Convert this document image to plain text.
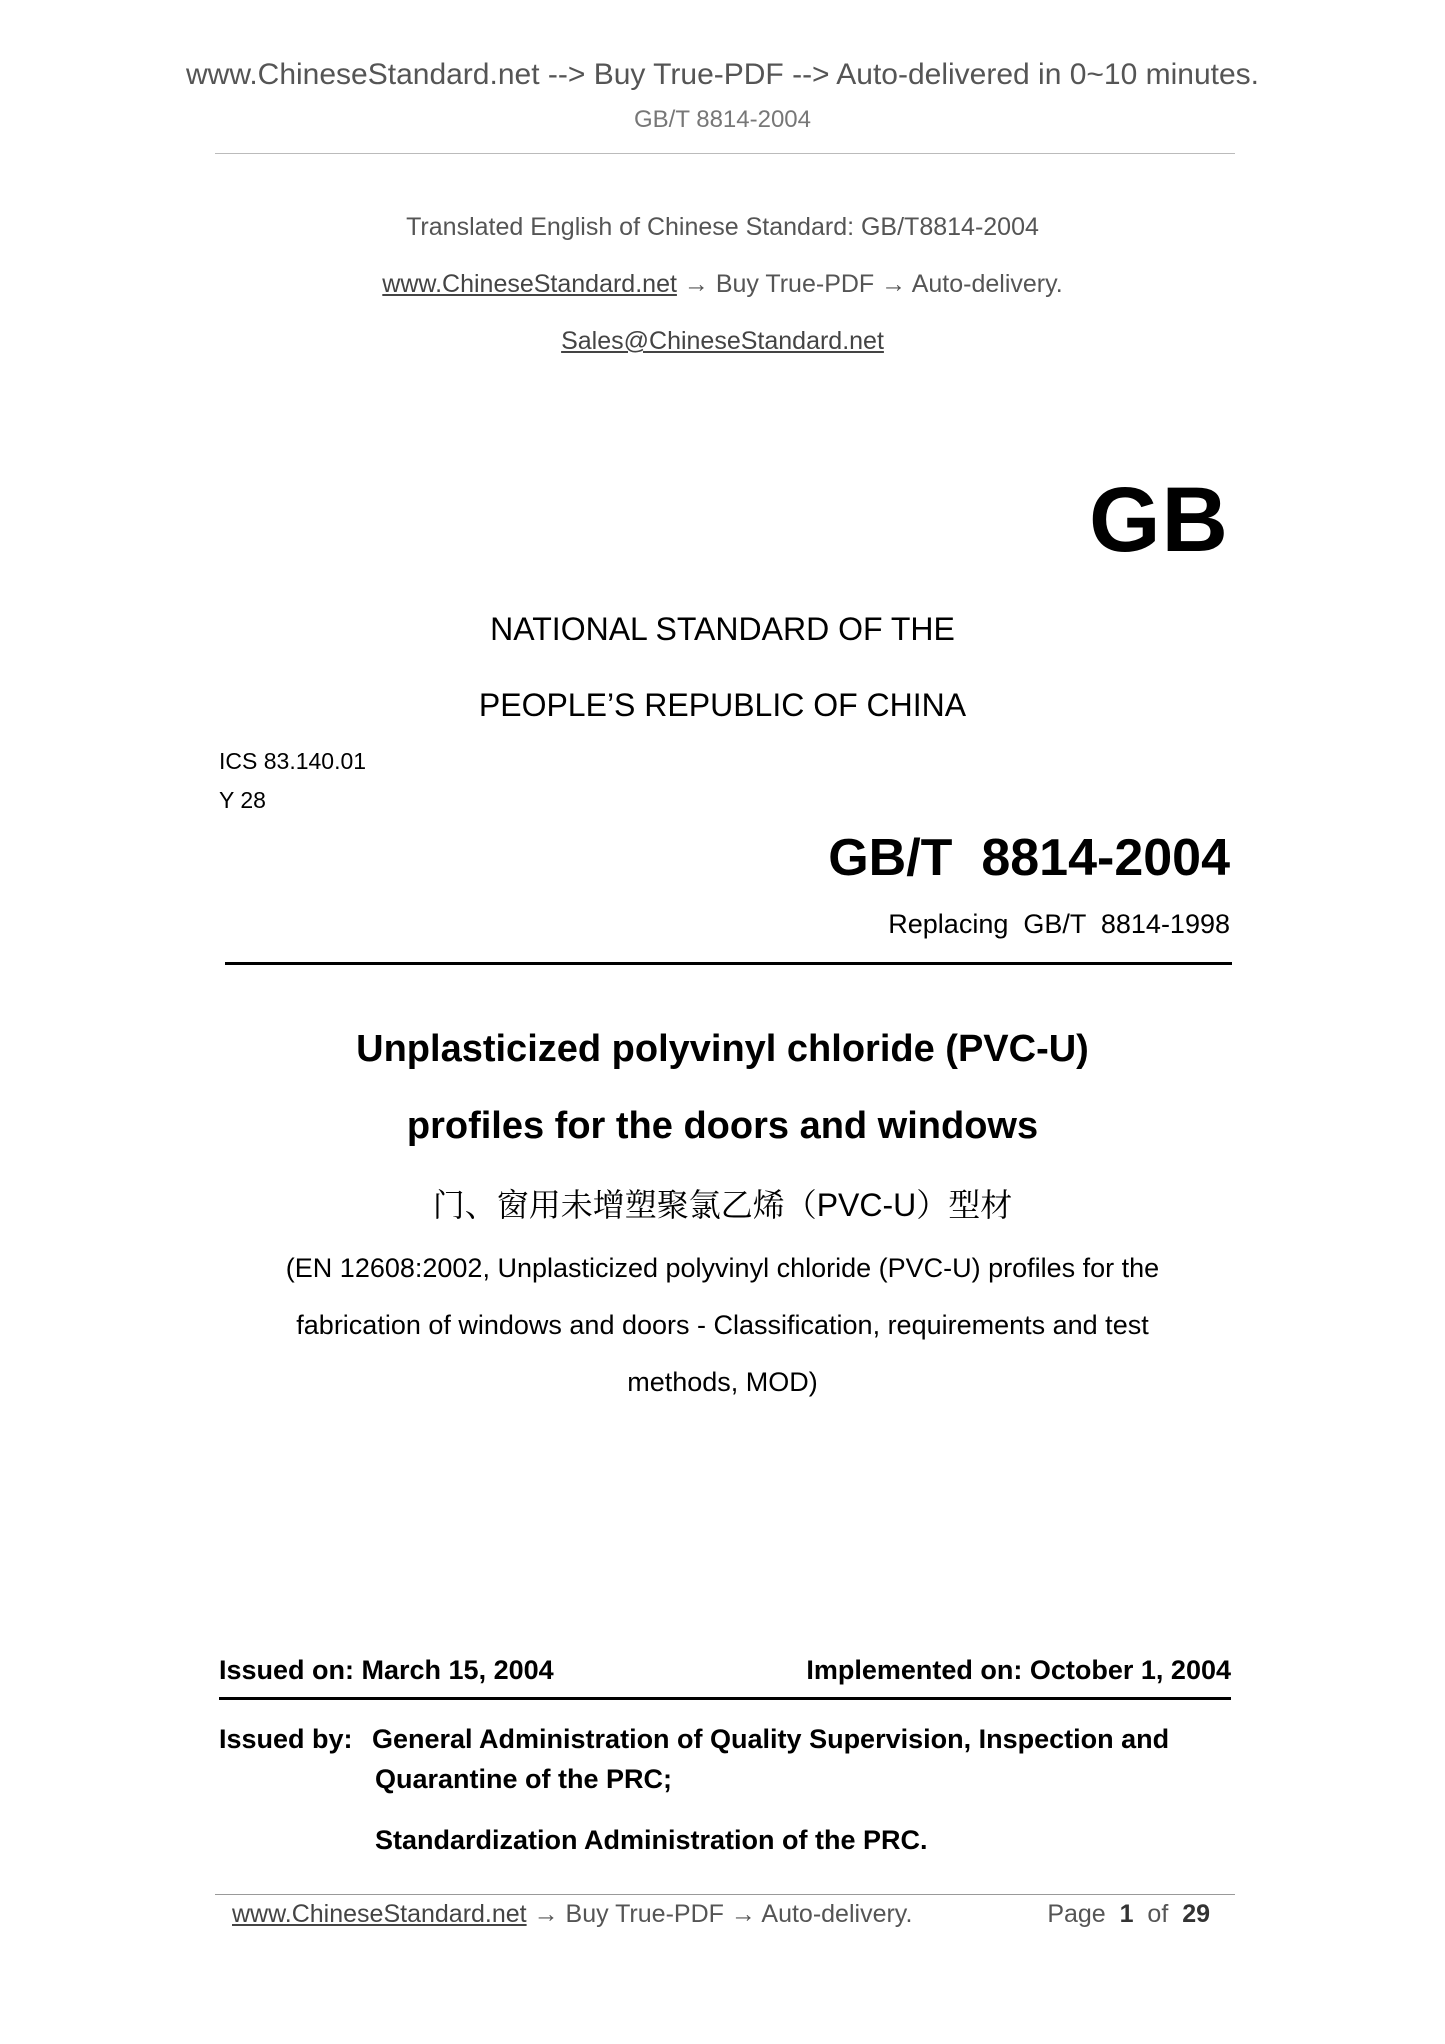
www.ChineseStandard.net --> Buy True-PDF --> Auto-delivered in 0~10 minutes.
GB/T 8814-2004
Translated English of Chinese Standard: GB/T8814-2004
www.ChineseStandard.net → Buy True-PDF → Auto-delivery.
Sales@ChineseStandard.net
GB
NATIONAL STANDARD OF THE
PEOPLE’S REPUBLIC OF CHINA
ICS 83.140.01
Y 28
GB/T  8814-2004
Replacing  GB/T  8814-1998
Unplasticized polyvinyl chloride (PVC-U)
profiles for the doors and windows
门、窗用未增塑聚氯乙烯（PVC-U）型材
(EN 12608:2002, Unplasticized polyvinyl chloride (PVC-U) profiles for the
fabrication of windows and doors - Classification, requirements and test
methods, MOD)
Issued on: March 15, 2004	Implemented on: October 1, 2004
Issued by: General Administration of Quality Supervision, Inspection and
Quarantine of the PRC;
Standardization Administration of the PRC.
www.ChineseStandard.net → Buy True-PDF → Auto-delivery.	Page 1 of 29
